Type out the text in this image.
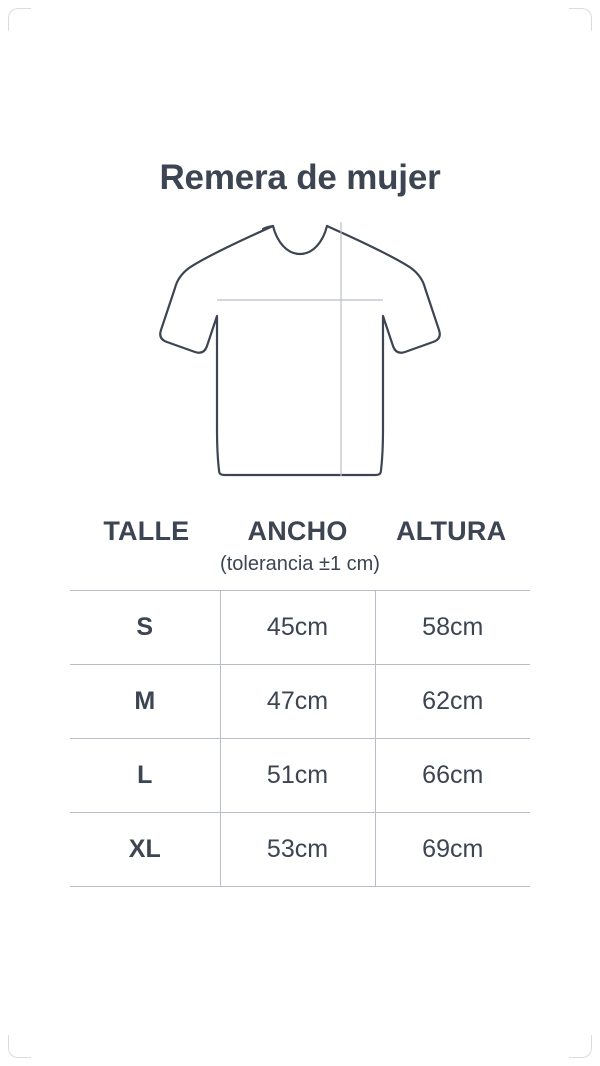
Remera de mujer
TALLE	ANCHO	ALTURA
(tolerancia ±1 cm)
S	45cm	58cm
M	47cm	62cm
L	51cm	66cm
XL	53cm	69cm
